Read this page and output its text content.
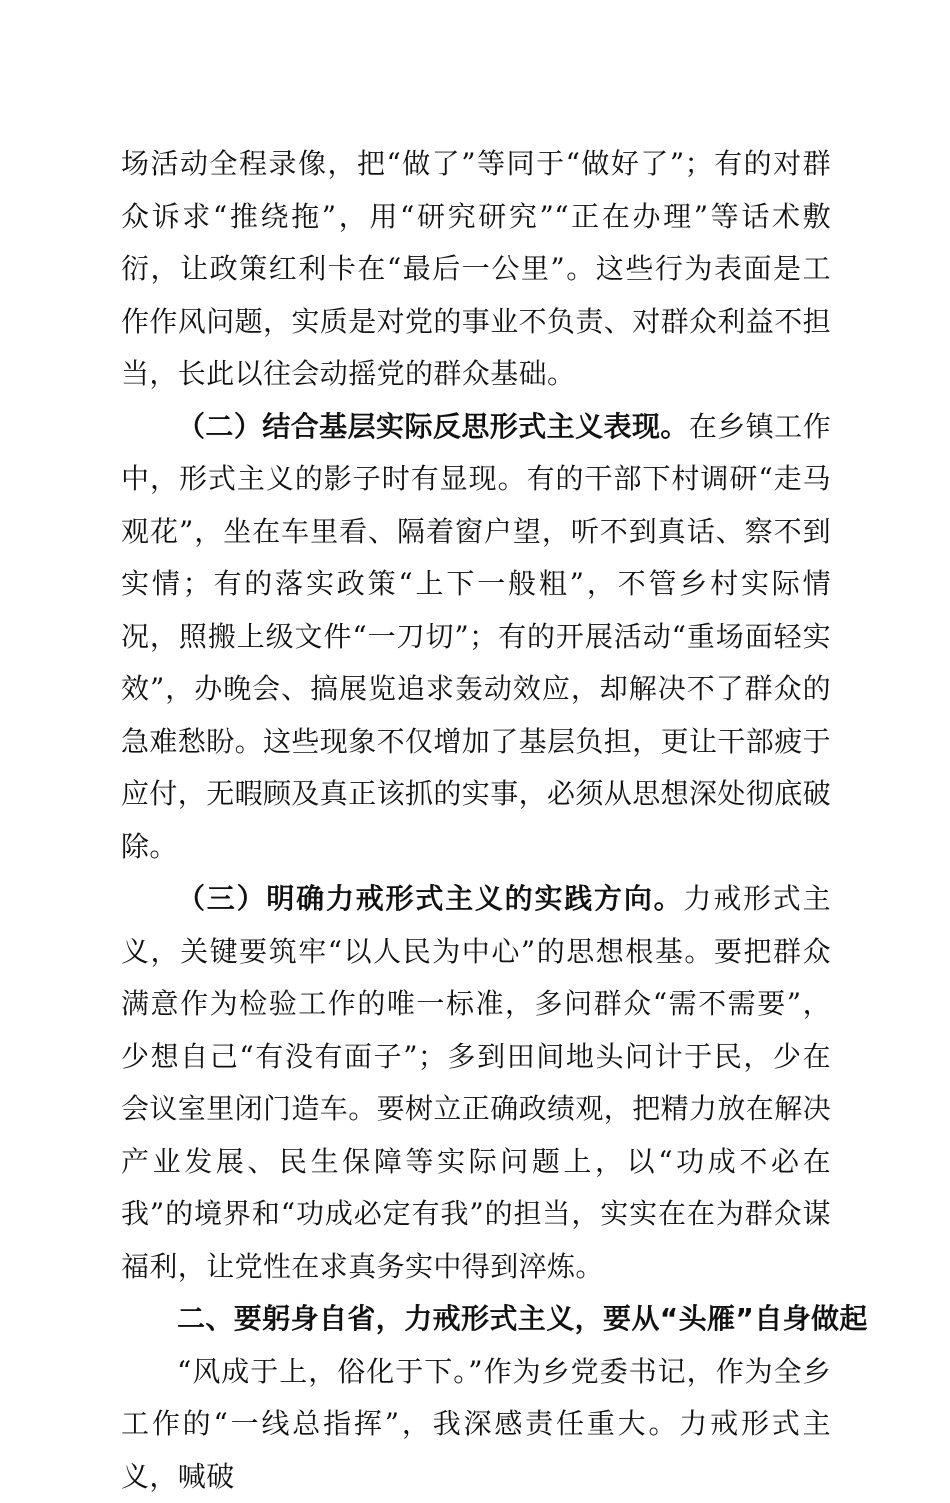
场活动全程录像，把“做了”等同于“做好了”；有的对群众诉求“推绕拖”，用“研究研究”“正在办理”等话术敷衍，让政策红利卡在“最后一公里”。这些行为表面是工作作风问题，实质是对党的事业不负责、对群众利益不担当，长此以往会动摇党的群众基础。

（二）结合基层实际反思形式主义表现。在乡镇工作中，形式主义的影子时有显现。有的干部下村调研“走马观花”，坐在车里看、隔着窗户望，听不到真话、察不到实情；有的落实政策“上下一般粗”，不管乡村实际情况，照搬上级文件“一刀切”；有的开展活动“重场面轻实效”，办晚会、搞展览追求轰动效应，却解决不了群众的急难愁盼。这些现象不仅增加了基层负担，更让干部疲于应付，无暇顾及真正该抓的实事，必须从思想深处彻底破除。

（三）明确力戒形式主义的实践方向。力戒形式主义，关键要筑牢“以人民为中心”的思想根基。要把群众满意作为检验工作的唯一标准，多问群众“需不需要”，少想自己“有没有面子”；多到田间地头问计于民，少在会议室里闭门造车。要树立正确政绩观，把精力放在解决产业发展、民生保障等实际问题上，以“功成不必在我”的境界和“功成必定有我”的担当，实实在在为群众谋福利，让党性在求真务实中得到淬炼。

二、要躬身自省，力戒形式主义，要从“头雁”自身做起

“风成于上，俗化于下。”作为乡党委书记，作为全乡工作的“一线总指挥”，我深感责任重大。力戒形式主义，喊破
